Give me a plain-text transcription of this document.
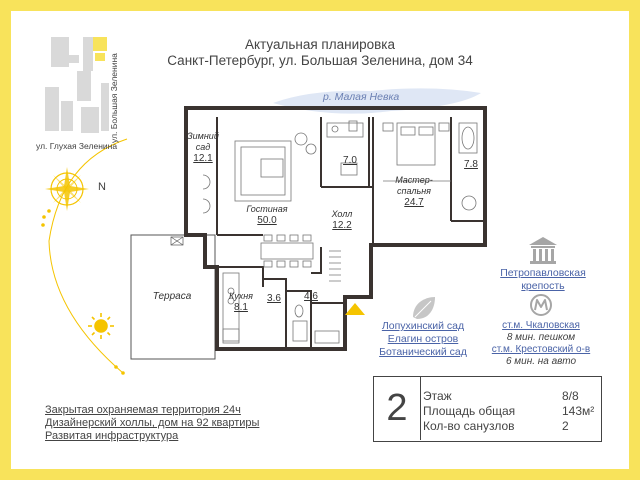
Актуальная планировка
Санкт-Петербург, ул. Большая Зеленина, дом 34
ул. Большая Зеленина
ул. Глухая Зеленина
р. Малая Невка
N
Зимний
сад
12.1
Гостиная
50.0
7.0
Мастер-
спальня
24.7
7.8
Холл
12.2
Терраса	Кухня
8.1
3.6	4.6
Петропавловская
крепость
Лопухинский сад
Елагин остров
Ботанический сад
ст.м. Чкаловская
8 мин. пешком
ст.м. Крестовский о-в
6 мин. на авто
Закрытая охраняемая территория 24ч
Дизайнерский холлы, дом на 92 квартиры
Развитая инфраструктура
2	Этаж	8/8
Площадь общая	143м²
Кол-во санузлов	2
